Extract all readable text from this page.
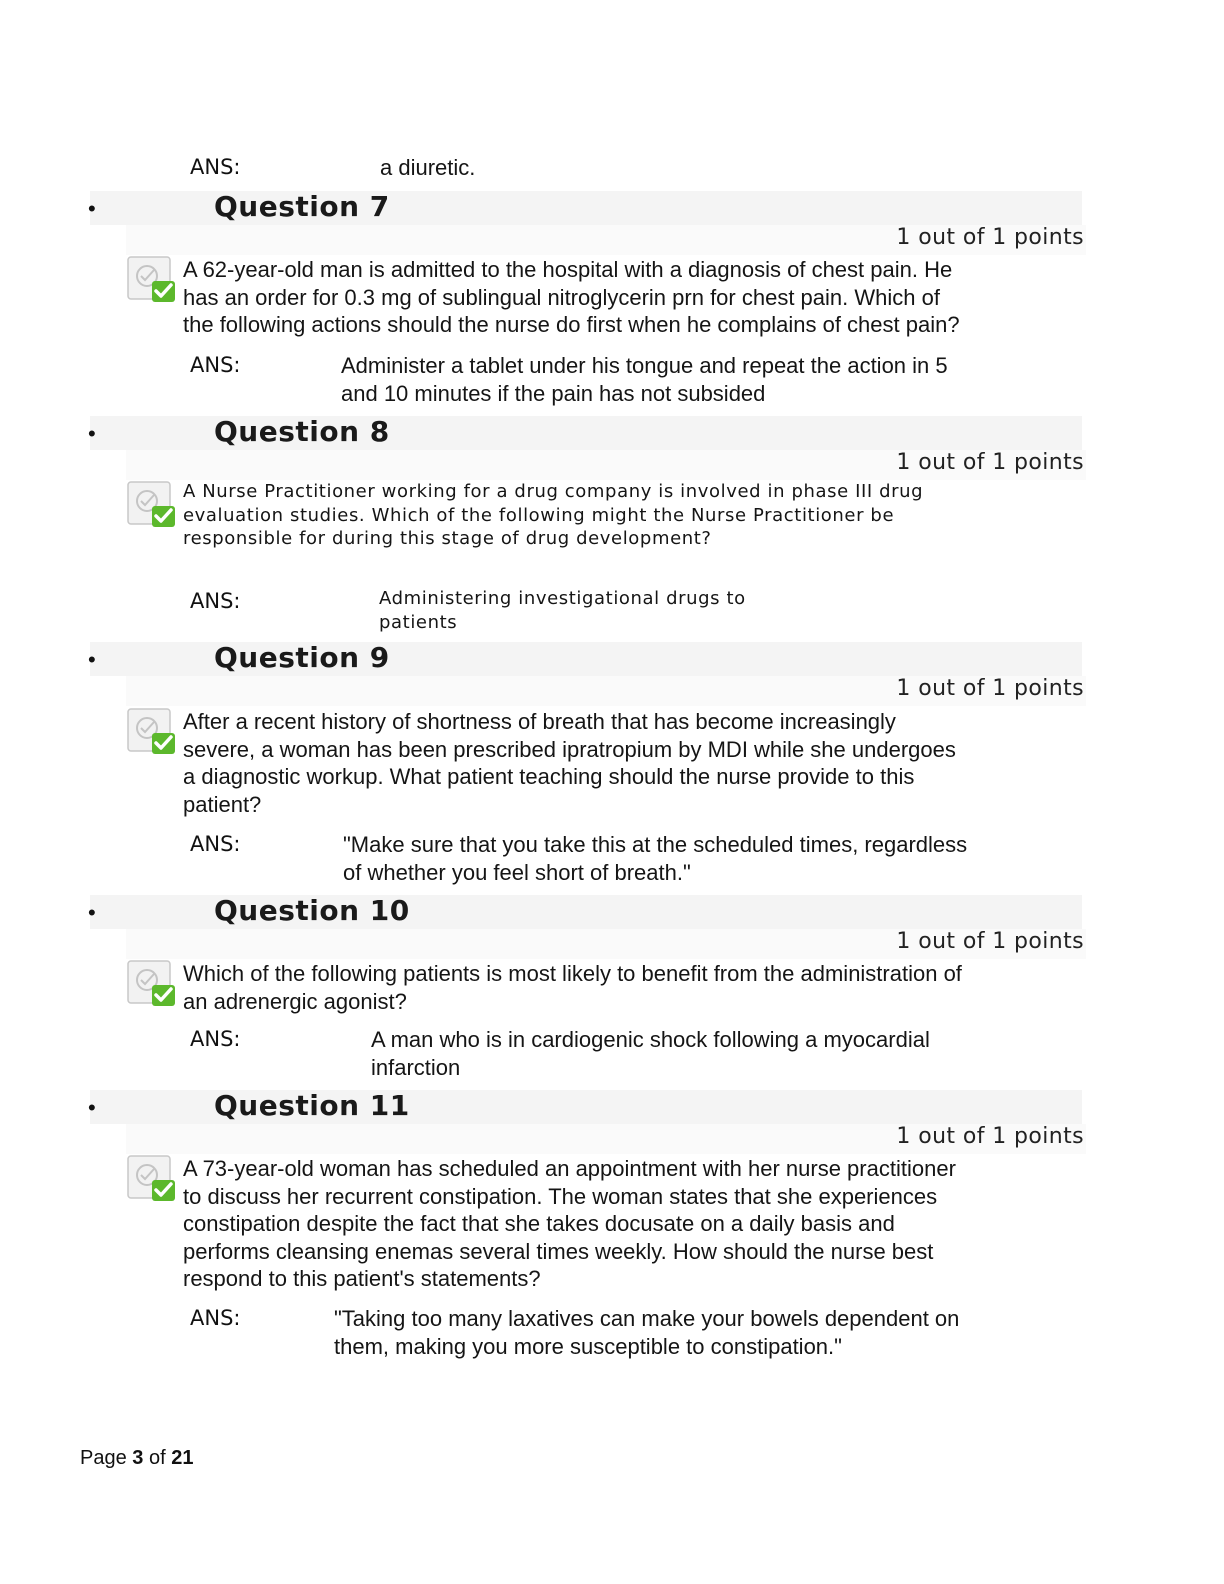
ANS:	a diuretic.
•	Question 7
1 out of 1 points
A 62-year-old man is admitted to the hospital with a diagnosis of chest pain. He
has an order for 0.3 mg of sublingual nitroglycerin prn for chest pain. Which of
the following actions should the nurse do first when he complains of chest pain?
ANS:	Administer a tablet under his tongue and repeat the action in 5
and 10 minutes if the pain has not subsided
•	Question 8
1 out of 1 points
A Nurse Practitioner working for a drug company is involved in phase III drug
evaluation studies. Which of the following might the Nurse Practitioner be
responsible for during this stage of drug development?
ANS:	Administering investigational drugs to
patients
•	Question 9
1 out of 1 points
After a recent history of shortness of breath that has become increasingly
severe, a woman has been prescribed ipratropium by MDI while she undergoes
a diagnostic workup. What patient teaching should the nurse provide to this
patient?
ANS:	"Make sure that you take this at the scheduled times, regardless
of whether you feel short of breath."
•	Question 10
1 out of 1 points
Which of the following patients is most likely to benefit from the administration of
an adrenergic agonist?
ANS:	A man who is in cardiogenic shock following a myocardial
infarction
•	Question 11
1 out of 1 points
A 73-year-old woman has scheduled an appointment with her nurse practitioner
to discuss her recurrent constipation. The woman states that she experiences
constipation despite the fact that she takes docusate on a daily basis and
performs cleansing enemas several times weekly. How should the nurse best
respond to this patient's statements?
ANS:	"Taking too many laxatives can make your bowels dependent on
them, making you more susceptible to constipation."
Page 3 of 21
